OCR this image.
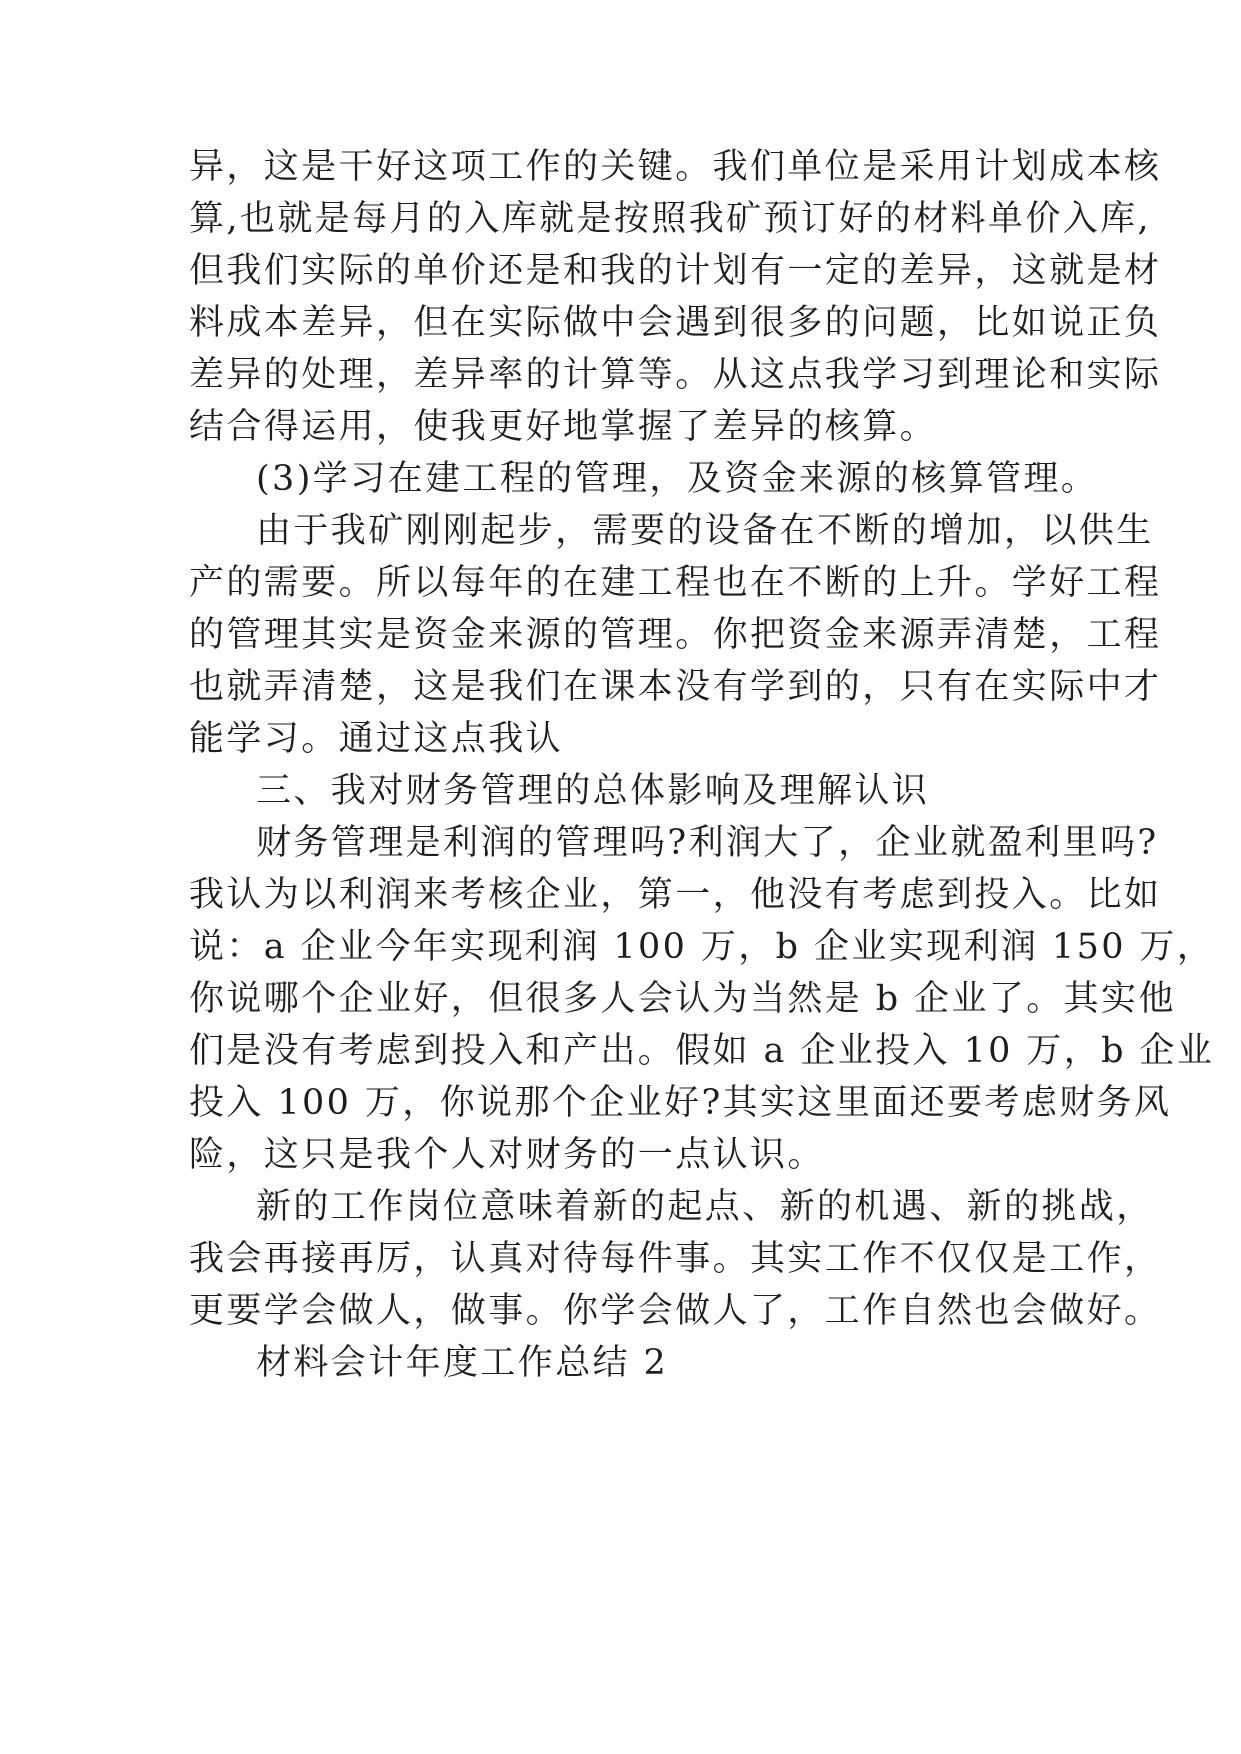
异，这是干好这项工作的关键。我们单位是采用计划成本核
算,也就是每月的入库就是按照我矿预订好的材料单价入库,
但我们实际的单价还是和我的计划有一定的差异，这就是材
料成本差异，但在实际做中会遇到很多的问题，比如说正负
差异的处理，差异率的计算等。从这点我学习到理论和实际
结合得运用，使我更好地掌握了差异的核算。
(3)学习在建工程的管理，及资金来源的核算管理。
由于我矿刚刚起步，需要的设备在不断的增加，以供生
产的需要。所以每年的在建工程也在不断的上升。学好工程
的管理其实是资金来源的管理。你把资金来源弄清楚，工程
也就弄清楚，这是我们在课本没有学到的，只有在实际中才
能学习。通过这点我认
三、我对财务管理的总体影响及理解认识
财务管理是利润的管理吗?利润大了，企业就盈利里吗?
我认为以利润来考核企业，第一，他没有考虑到投入。比如
说：a 企业今年实现利润 100 万，b 企业实现利润 150 万，
你说哪个企业好，但很多人会认为当然是 b 企业了。其实他
们是没有考虑到投入和产出。假如 a 企业投入 10 万，b 企业
投入 100 万，你说那个企业好?其实这里面还要考虑财务风
险，这只是我个人对财务的一点认识。
新的工作岗位意味着新的起点、新的机遇、新的挑战，
我会再接再厉，认真对待每件事。其实工作不仅仅是工作，
更要学会做人，做事。你学会做人了，工作自然也会做好。
材料会计年度工作总结 2
